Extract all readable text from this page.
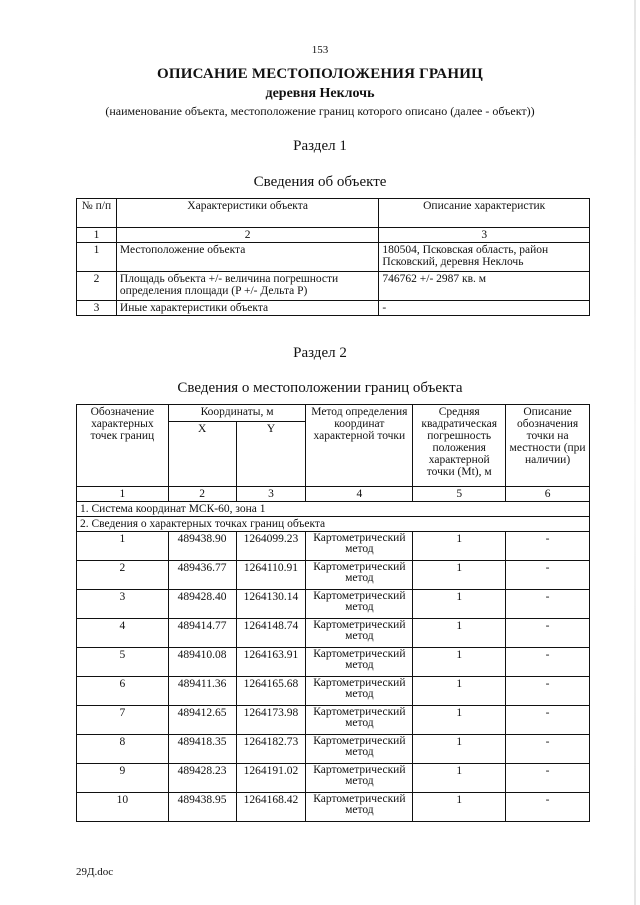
153
ОПИСАНИЕ МЕСТОПОЛОЖЕНИЯ ГРАНИЦ
деревня Неклочь
(наименование объекта, местоположение границ которого описано (далее - объект))
Раздел 1
Сведения об объекте
№ п/п	Характеристики объекта	Описание характеристик
1	2	3
1	Местоположение объекта	180504, Псковская область, район Псковский, деревня Неклочь
2	Площадь объекта +/- величина погрешности определения площади (P +/- Дельта P)	746762 +/- 2987 кв. м
3	Иные характеристики объекта	-
Раздел 2
Сведения о местоположении границ объекта
Обозначение характерных точек границ	Координаты, м		Метод определения координат характерной точки	Средняя квадратическая погрешность положения характерной точки (Mt), м	Описание обозначения точки на местности (при наличии)
	X	Y			
1	2	3	4	5	6
1. Система координат МСК-60, зона 1					
2. Сведения о характерных точках границ объекта					
1	489438.90	1264099.23	Картометрический метод	1	-
2	489436.77	1264110.91	Картометрический метод	1	-
3	489428.40	1264130.14	Картометрический метод	1	-
4	489414.77	1264148.74	Картометрический метод	1	-
5	489410.08	1264163.91	Картометрический метод	1	-
6	489411.36	1264165.68	Картометрический метод	1	-
7	489412.65	1264173.98	Картометрический метод	1	-
8	489418.35	1264182.73	Картометрический метод	1	-
9	489428.23	1264191.02	Картометрический метод	1	-
10	489438.95	1264168.42	Картометрический метод	1	-
29Д.doc
